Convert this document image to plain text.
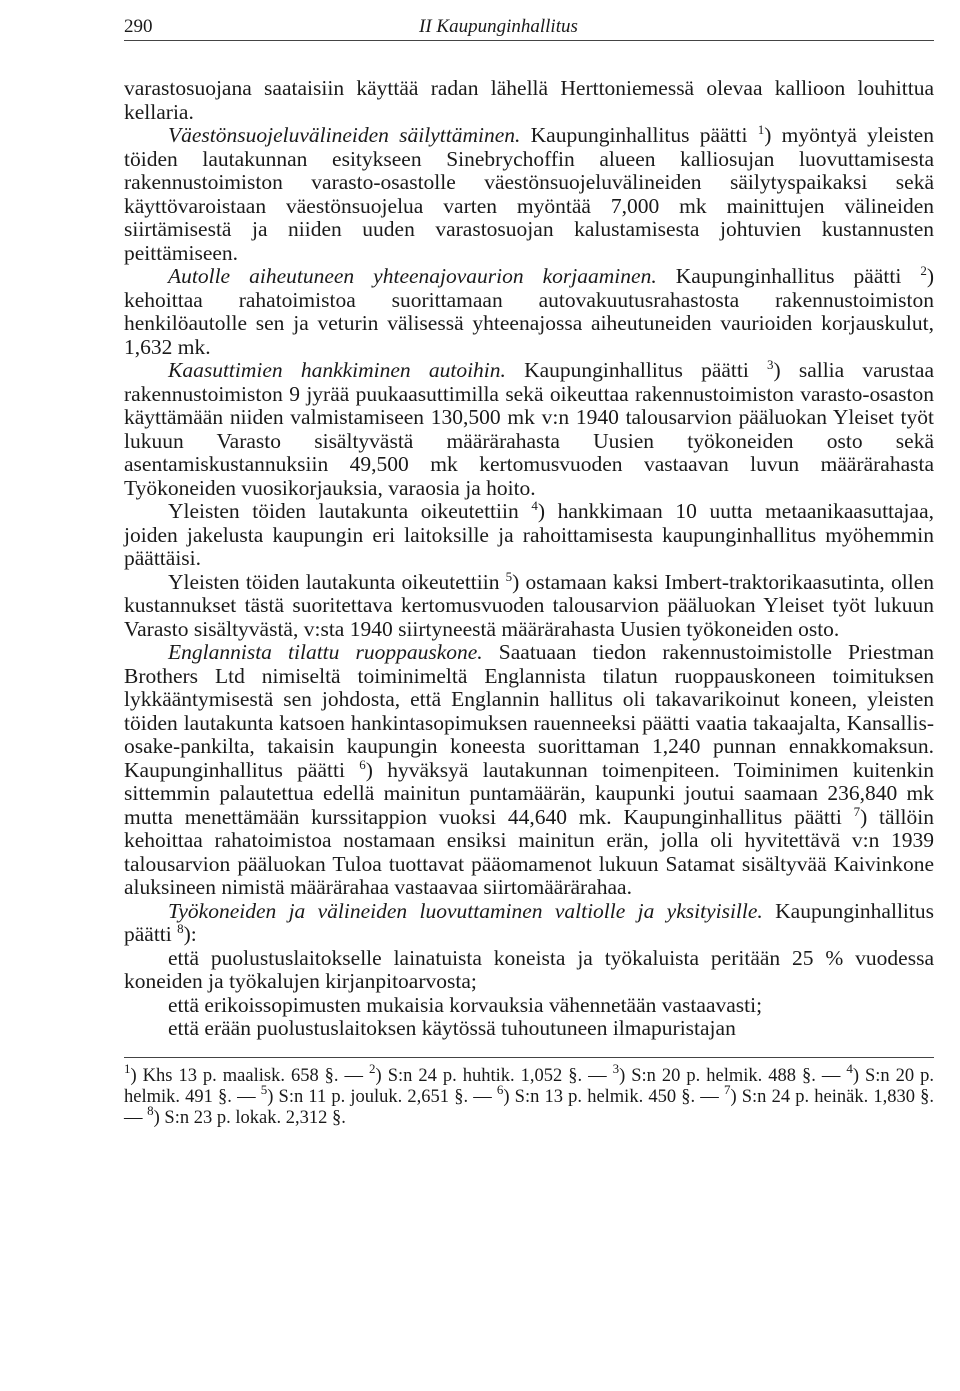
290	II Kaupunginhallitus

varastosuojana saataisiin käyttää radan lähellä Herttoniemessä olevaa kallioon louhittua kellaria.

Väestönsuojeluvälineiden säilyttäminen. Kaupunginhallitus päätti $^1$) myöntyä yleisten töiden lautakunnan esitykseen Sinebrychoffin alueen kalliosujan luovuttamisesta rakennustoimiston varasto-osastolle väestönsuojeluvälineiden säilytyspaikaksi sekä käyttövaroistaan väestönsuojelua varten myöntää 7,000 mk mainittujen välineiden siirtämisestä ja niiden uuden varastosuojan kalustamisesta johtuvien kustannusten peittämiseen.

Autolle aiheutuneen yhteenajovaurion korjaaminen. Kaupunginhallitus päätti $^2$) kehoittaa rahatoimistoa suorittamaan autovakuutusrahastosta rakennustoimiston henkilöautolle sen ja veturin välisessä yhteenajossa aiheutuneiden vaurioiden korjauskulut, 1,632 mk.

Kaasuttimien hankkiminen autoihin. Kaupunginhallitus päätti $^3$) sallia varustaa rakennustoimiston 9 jyrää puukaasuttimilla sekä oikeuttaa rakennustoimiston varasto-osaston käyttämään niiden valmistamiseen 130,500 mk v:n 1940 talousarvion pääluokan Yleiset työt lukuun Varasto sisältyvästä määrärahasta Uusien työkoneiden osto sekä asentamiskustannuksiin 49,500 mk kertomusvuoden vastaavan luvun määrärahasta Työkoneiden vuosikorjauksia, varaosia ja hoito.

Yleisten töiden lautakunta oikeutettiin $^4$) hankkimaan 10 uutta metaanikaasuttajaa, joiden jakelusta kaupungin eri laitoksille ja rahoittamisesta kaupunginhallitus myöhemmin päättäisi.

Yleisten töiden lautakunta oikeutettiin $^5$) ostamaan kaksi Imbert-traktorikaasutinta, ollen kustannukset tästä suoritettava kertomusvuoden talousarvion pääluokan Yleiset työt lukuun Varasto sisältyvästä, v:sta 1940 siirtyneestä määrärahasta Uusien työkoneiden osto.

Englannista tilattu ruoppauskone. Saatuaan tiedon rakennustoimistolle Priestman Brothers Ltd nimiseltä toiminimeltä Englannista tilatun ruoppauskoneen toimituksen lykkääntymisestä sen johdosta, että Englannin hallitus oli takavarikoinut koneen, yleisten töiden lautakunta katsoen hankintasopimuksen rauenneeksi päätti vaatia takaajalta, Kansallis-osake-pankilta, takaisin kaupungin koneesta suorittaman 1,240 punnan ennakkomaksun. Kaupunginhallitus päätti $^6$) hyväksyä lautakunnan toimenpiteen. Toiminimen kuitenkin sittemmin palautettua edellä mainitun puntamäärän, kaupunki joutui saamaan 236,840 mk mutta menettämään kurssitappion vuoksi 44,640 mk. Kaupunginhallitus päätti $^7$) tällöin kehoittaa rahatoimistoa nostamaan ensiksi mainitun erän, jolla oli hyvitettävä v:n 1939 talousarvion pääluokan Tuloa tuottavat pääomamenot lukuun Satamat sisältyvää Kaivinkone aluksineen nimistä määrärahaa vastaavaa siirtomäärärahaa.

Työkoneiden ja välineiden luovuttaminen valtiolle ja yksityisille. Kaupunginhallitus päätti $^8$):

että puolustuslaitokselle lainatuista koneista ja työkaluista peritään 25 % vuodessa koneiden ja työkalujen kirjanpitoarvosta;

että erikoissopimusten mukaisia korvauksia vähennetään vastaavasti;

että erään puolustuslaitoksen käytössä tuhoutuneen ilmapuristajan

$^1$) Khs 13 p. maalisk. 658 §. — $^2$) S:n 24 p. huhtik. 1,052 §. — $^3$) S:n 20 p. helmik. 488 §. — $^4$) S:n 20 p. helmik. 491 §. — $^5$) S:n 11 p. jouluk. 2,651 §. — $^6$) S:n 13 p. helmik. 450 §. — $^7$) S:n 24 p. heinäk. 1,830 §. — $^8$) S:n 23 p. lokak. 2,312 §.
